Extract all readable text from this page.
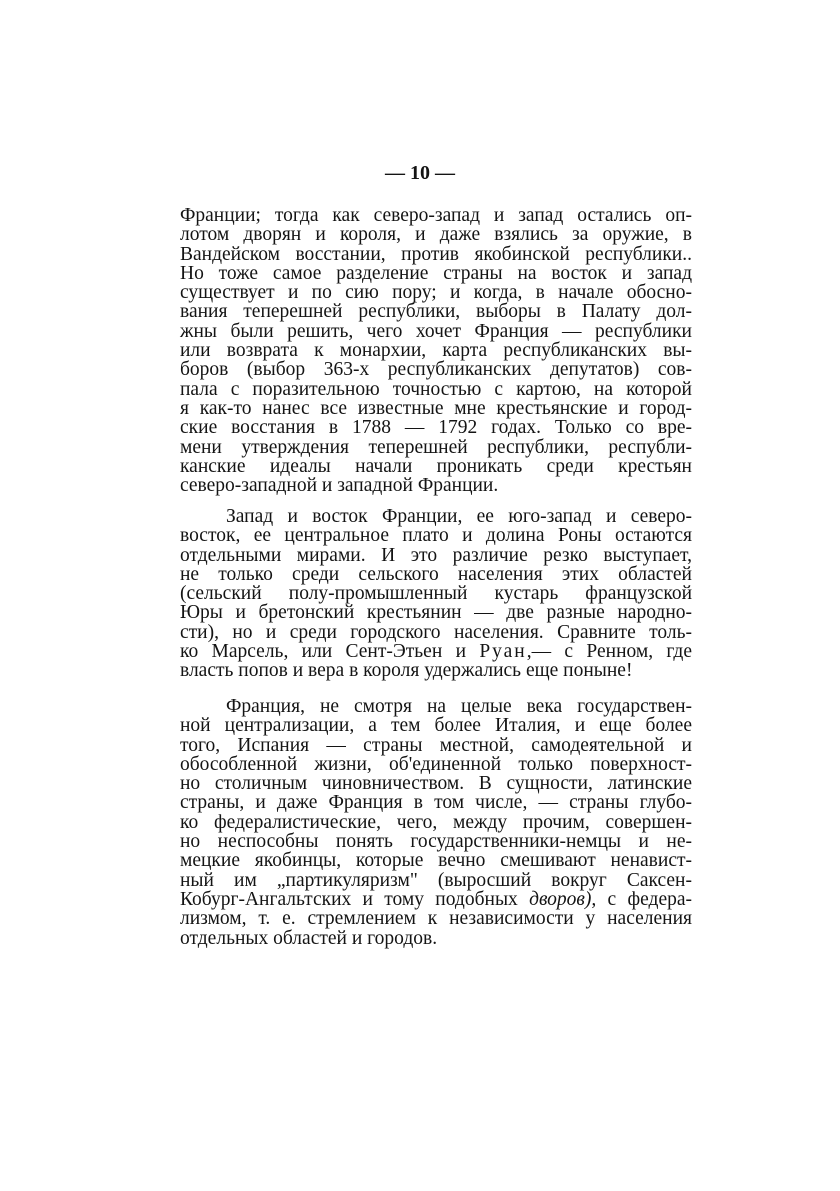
— 10 —
Франции; тогда как северо-запад и запад остались оп-
лотом дворян и короля, и даже взялись за оружие, в
Вандейском восстании, против якобинской республики..
Но тоже самое разделение страны на восток и запад
существует и по сию пору; и когда, в начале обосно-
вания теперешней республики, выборы в Палату дол-
жны были решить, чего хочет Франция — республики
или возврата к монархии, карта республиканских вы-
боров (выбор 363-х республиканских депутатов) сов-
пала с поразительною точностью с картою, на которой
я как-то нанес все известные мне крестьянские и город-
ские восстания в 1788 — 1792 годах. Только со вре-
мени утверждения теперешней республики, республи-
канские идеалы начали проникать среди крестьян
северо-западной и западной Франции.
Запад и восток Франции, ее юго-запад и северо-
восток, ее центральное плато и долина Роны остаются
отдельными мирами. И это различие резко выступает,
не только среди сельского населения этих областей
(сельский полу-промышленный кустарь французской
Юры и бретонский крестьянин — две разные народно-
сти), но и среди городского населения. Сравните толь-
ко Марсель, или Сент-Этьен и Руан,— с Ренном, где
власть попов и вера в короля удержались еще поныне!
Франция, не смотря на целые века государствен-
ной централизации, а тем более Италия, и еще более
того, Испания — страны местной, самодеятельной и
обособленной жизни, об'единенной только поверхност-
но столичным чиновничеством. В сущности, латинские
страны, и даже Франция в том числе, — страны глубо-
ко федералистические, чего, между прочим, совершен-
но неспособны понять государственники-немцы и не-
мецкие якобинцы, которые вечно смешивают ненавист-
ный им „партикуляризм" (выросший вокруг Саксен-
Кобург-Ангальтских и тому подобных дворов), с федера-
лизмом, т. е. стремлением к независимости у населения
отдельных областей и городов.
